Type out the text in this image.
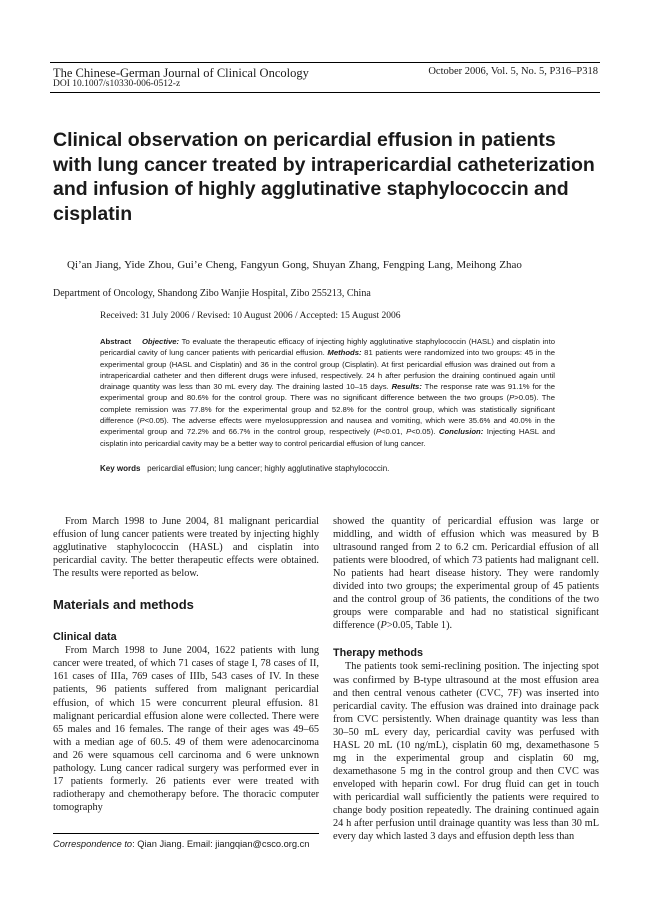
The Chinese-German Journal of Clinical Oncology
DOI 10.1007/s10330-006-0512-z
October 2006, Vol. 5, No. 5, P316–P318
Clinical observation on pericardial effusion in patients with lung cancer treated by intrapericardial catheterization and infusion of highly agglutinative staphylococcin and cisplatin
Qi’an Jiang, Yide Zhou, Gui’e Cheng, Fangyun Gong, Shuyan Zhang, Fengping Lang, Meihong Zhao
Department of Oncology, Shandong Zibo Wanjie Hospital, Zibo 255213, China
Received: 31 July 2006 / Revised: 10 August 2006 / Accepted: 15 August 2006
Abstract Objective: To evaluate the therapeutic efficacy of injecting highly agglutinative staphylococcin (HASL) and cisplatin into pericardial cavity of lung cancer patients with pericardial effusion. Methods: 81 patients were randomized into two groups: 45 in the experimental group (HASL and Cisplatin) and 36 in the control group (Cisplatin). At first pericardial effusion was drained out from a intrapericardial catheter and then different drugs were infused, respectively. 24 h after perfusion the draining continued again until drainage quantity was less than 30 mL every day. The draining lasted 10–15 days. Results: The response rate was 91.1% for the experimental group and 80.6% for the control group. There was no significant difference between the two groups (P>0.05). The complete remission was 77.8% for the experimental group and 52.8% for the control group, which was statistically significant difference (P<0.05). The adverse effects were myelosuppression and nausea and vomiting, which were 35.6% and 40.0% in the experimental group and 72.2% and 66.7% in the control group, respectively (P<0.01, P<0.05). Conclusion: Injecting HASL and cisplatin into pericardial cavity may be a better way to control pericardial effusion of lung cancer.
Key words pericardial effusion; lung cancer; highly agglutinative staphylococcin.

From March 1998 to June 2004, 81 malignant pericardial effusion of lung cancer patients were treated by injecting highly agglutinative staphylococcin (HASL) and cisplatin into pericardial cavity. The better therapeutic effects were obtained. The results were reported as below.

Materials and methods
Clinical data

From March 1998 to June 2004, 1622 patients with lung cancer were treated, of which 71 cases of stage I, 78 cases of II, 161 cases of IIIa, 769 cases of IIIb, 543 cases of IV. In these patients, 96 patients suffered from malignant pericardial effusion, of which 15 were concurrent pleural effusion. 81 malignant pericardial effusion alone were collected. There were 65 males and 16 females. The range of their ages was 49–65 with a median age of 60.5. 49 of them were adenocarcinoma and 26 were squamous cell carcinoma and 6 were unknown pathology. Lung cancer radical surgery was performed ever in 17 patients formerly. 26 patients ever were treated with radiotherapy and chemotherapy before. The thoracic computer tomography

showed the quantity of pericardial effusion was large or middling, and width of effusion which was measured by B ultrasound ranged from 2 to 6.2 cm. Pericardial effusion of all patients were bloodred, of which 73 patients had malignant cell. No patients had heart disease history. They were randomly divided into two groups; the experimental group of 45 patients and the control group of 36 patients, the conditions of the two groups were comparable and had no statistical significant difference (P>0.05, Table 1).

Therapy methods

The patients took semi-reclining position. The injecting spot was confirmed by B-type ultrasound at the most effusion area and then central venous catheter (CVC, 7F) was inserted into pericardial cavity. The effusion was drained into drainage pack from CVC persistently. When drainage quantity was less than 30–50 mL every day, pericardial cavity was perfused with HASL 20 mL (10 ng/mL), cisplatin 60 mg, dexamethasone 5 mg in the experimental group and cisplatin 60 mg, dexamethasone 5 mg in the control group and then CVC was enveloped with heparin cowl. For drug fluid can get in touch with pericardial wall sufficiently the patients were required to change body position repeatedly. The draining continued again 24 h after perfusion until drainage quantity was less than 30 mL every day which lasted 3 days and effusion depth less than

Correspondence to: Qian Jiang. Email: jiangqian@csco.org.cn
